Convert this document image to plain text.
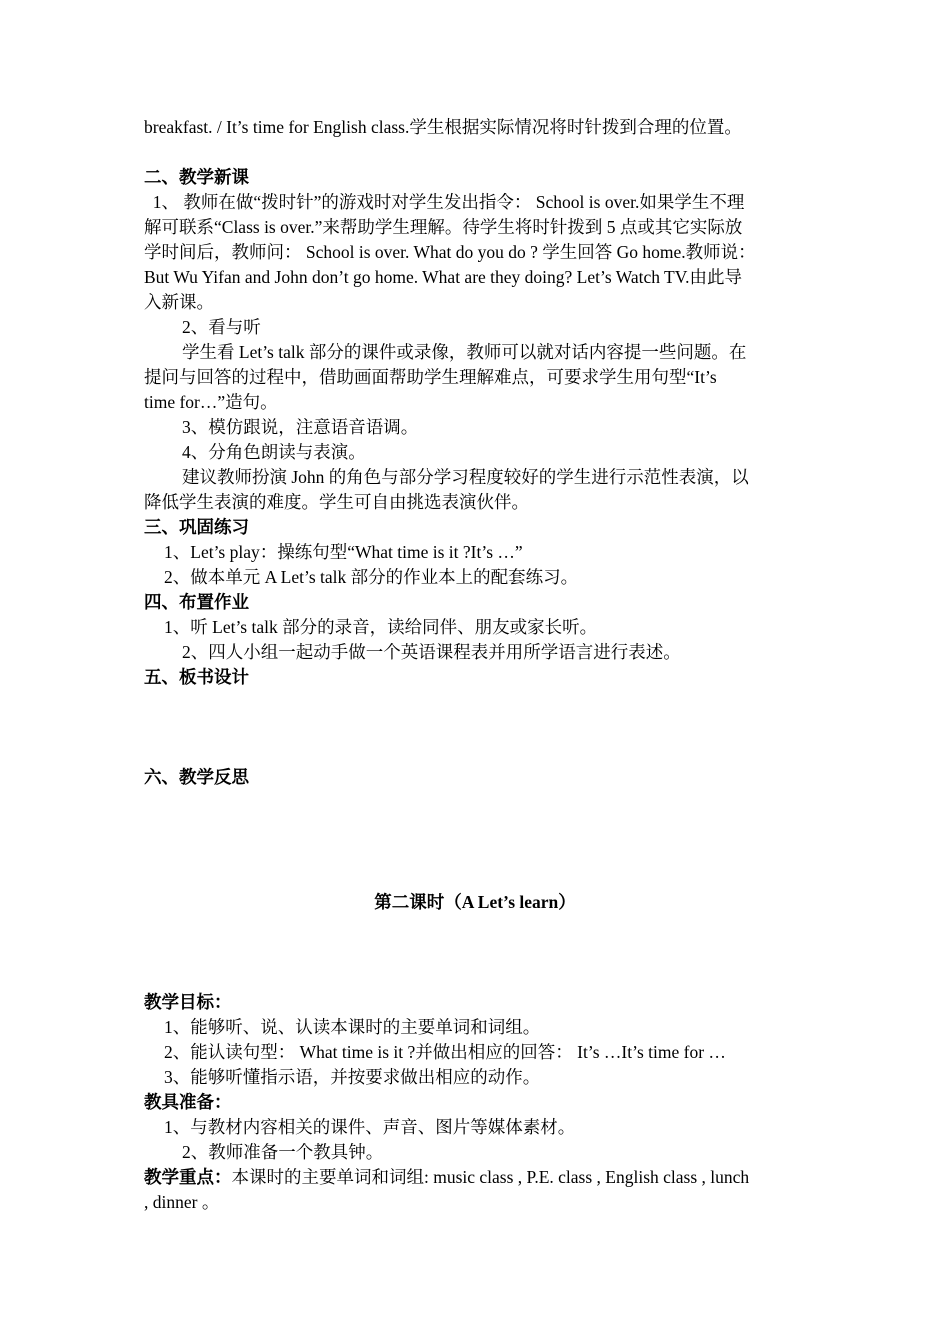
breakfast. / It’s time for English class.学生根据实际情况将时针拨到合理的位置。
二、教学新课
1、 教师在做“拨时针”的游戏时对学生发出指令： School is over.如果学生不理
解可联系“Class is over.”来帮助学生理解。待学生将时针拨到 5 点或其它实际放
学时间后，教师问： School is over. What do you do ? 学生回答 Go home.教师说：
But Wu Yifan and John don’t go home. What are they doing? Let’s Watch TV.由此导
入新课。
2、看与听
学生看 Let’s talk 部分的课件或录像，教师可以就对话内容提一些问题。在
提问与回答的过程中，借助画面帮助学生理解难点，可要求学生用句型“It’s
time for…”造句。
3、模仿跟说，注意语音语调。
4、分角色朗读与表演。
建议教师扮演 John 的角色与部分学习程度较好的学生进行示范性表演，以
降低学生表演的难度。学生可自由挑选表演伙伴。
三、巩固练习
1、Let’s play：操练句型“What time is it ?It’s …”
2、做本单元 A Let’s talk 部分的作业本上的配套练习。
四、布置作业
1、听 Let’s talk 部分的录音，读给同伴、朋友或家长听。
2、四人小组一起动手做一个英语课程表并用所学语言进行表述。
五、板书设计
六、教学反思
第二课时（A Let’s learn）
教学目标：
1、能够听、说、认读本课时的主要单词和词组。
2、能认读句型： What time is it ?并做出相应的回答： It’s …It’s time for …
3、能够听懂指示语，并按要求做出相应的动作。
教具准备：
1、与教材内容相关的课件、声音、图片等媒体素材。
2、教师准备一个教具钟。
教学重点：本课时的主要单词和词组: music class , P.E. class , English class , lunch
, dinner 。
